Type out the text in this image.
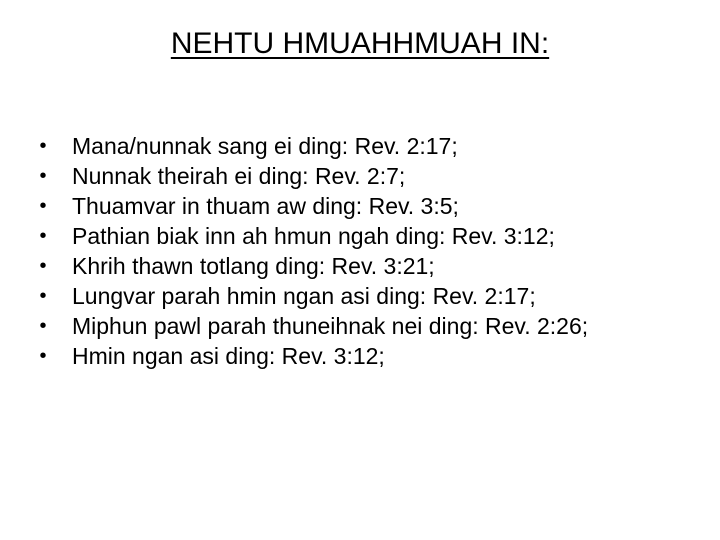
NEHTU HMUAHHMUAH IN:
• Mana/nunnak sang ei ding: Rev. 2:17;
• Nunnak theirah ei ding: Rev. 2:7;
• Thuamvar in thuam aw ding: Rev. 3:5;
• Pathian biak inn ah hmun ngah ding: Rev. 3:12;
• Khrih thawn totlang ding: Rev. 3:21;
• Lungvar parah hmin ngan asi ding: Rev. 2:17;
• Miphun pawl parah thuneihnak nei ding: Rev. 2:26;
• Hmin ngan asi ding: Rev. 3:12;
